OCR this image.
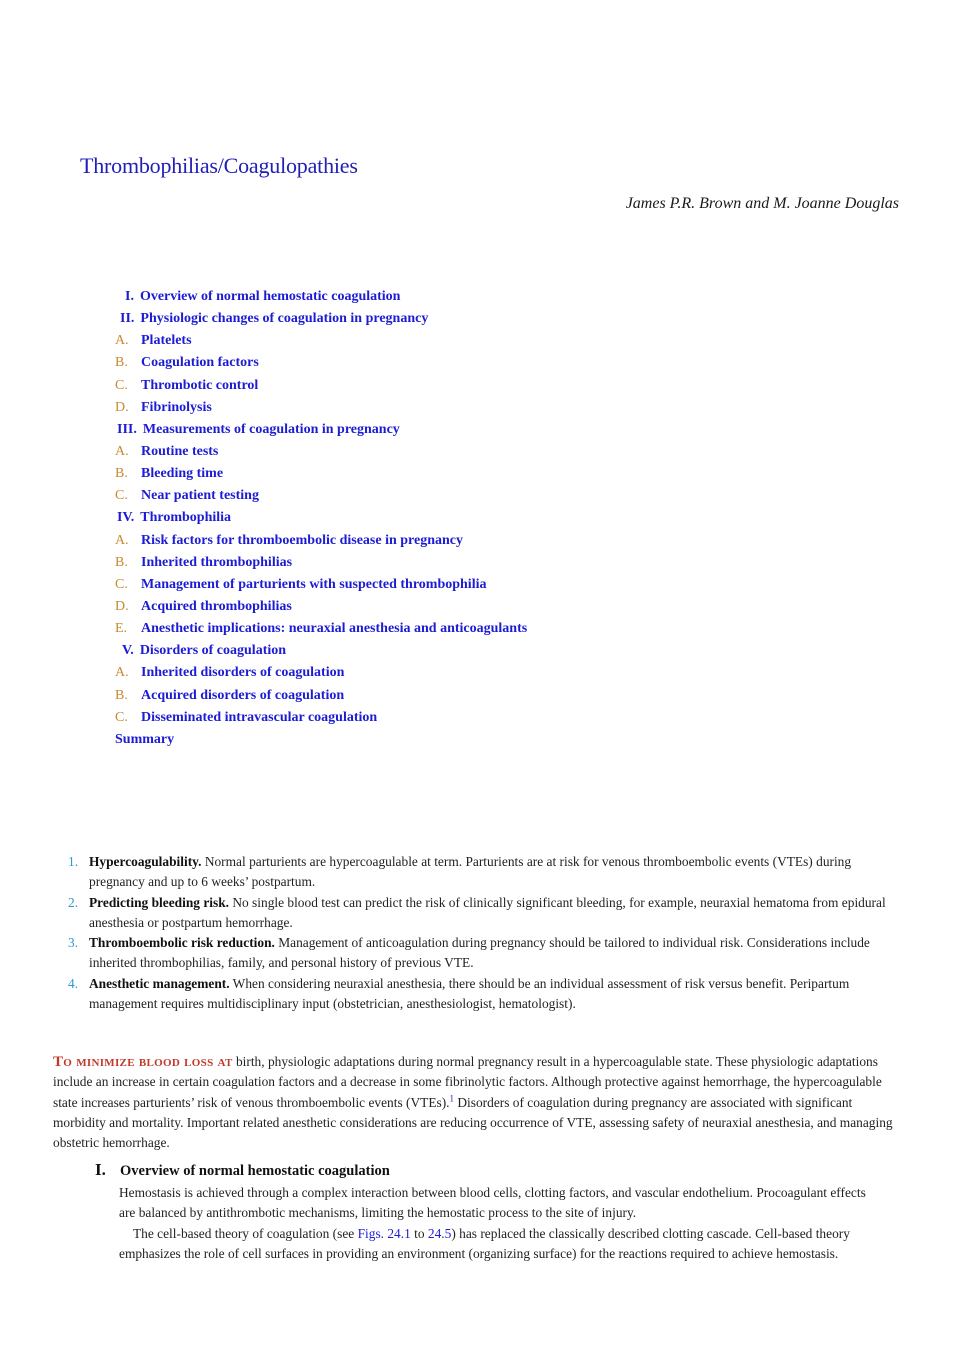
Thrombophilias/Coagulopathies
James P.R. Brown and M. Joanne Douglas
I. Overview of normal hemostatic coagulation
II. Physiologic changes of coagulation in pregnancy
A. Platelets
B. Coagulation factors
C. Thrombotic control
D. Fibrinolysis
III. Measurements of coagulation in pregnancy
A. Routine tests
B. Bleeding time
C. Near patient testing
IV. Thrombophilia
A. Risk factors for thromboembolic disease in pregnancy
B. Inherited thrombophilias
C. Management of parturients with suspected thrombophilia
D. Acquired thrombophilias
E. Anesthetic implications: neuraxial anesthesia and anticoagulants
V. Disorders of coagulation
A. Inherited disorders of coagulation
B. Acquired disorders of coagulation
C. Disseminated intravascular coagulation
Summary
1. Hypercoagulability. Normal parturients are hypercoagulable at term. Parturients are at risk for venous thromboembolic events (VTEs) during pregnancy and up to 6 weeks’ postpartum.
2. Predicting bleeding risk. No single blood test can predict the risk of clinically significant bleeding, for example, neuraxial hematoma from epidural anesthesia or postpartum hemorrhage.
3. Thromboembolic risk reduction. Management of anticoagulation during pregnancy should be tailored to individual risk. Considerations include inherited thrombophilias, family, and personal history of previous VTE.
4. Anesthetic management. When considering neuraxial anesthesia, there should be an individual assessment of risk versus benefit. Peripartum management requires multidisciplinary input (obstetrician, anesthesiologist, hematologist).

To minimize blood loss at birth, physiologic adaptations during normal pregnancy result in a hypercoagulable state. These physiologic adaptations include an increase in certain coagulation factors and a decrease in some fibrinolytic factors. Although protective against hemorrhage, the hypercoagulable state increases parturients’ risk of venous thromboembolic events (VTEs).$^1$ Disorders of coagulation during pregnancy are associated with significant morbidity and mortality. Important related anesthetic considerations are reducing occurrence of VTE, assessing safety of neuraxial anesthesia, and managing obstetric hemorrhage.

I. Overview of normal hemostatic coagulation

Hemostasis is achieved through a complex interaction between blood cells, clotting factors, and vascular endothelium. Procoagulant effects are balanced by antithrombotic mechanisms, limiting the hemostatic process to the site of injury.

The cell-based theory of coagulation (see Figs. 24.1 to 24.5) has replaced the classically described clotting cascade. Cell-based theory emphasizes the role of cell surfaces in providing an environment (organizing surface) for the reactions required to achieve hemostasis.
